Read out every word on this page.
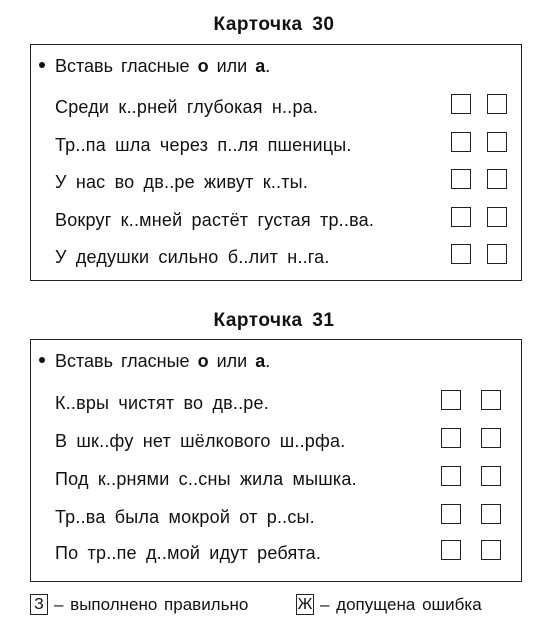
Карточка 30
Вставь гласные о или а.
Среди к..рней глубокая н..ра.
Тр..па шла через п..ля пшеницы.
У нас во дв..ре живут к..ты.
Вокруг к..мней растёт густая тр..ва.
У дедушки сильно б..лит н..га.
Карточка 31
Вставь гласные о или а.
К..вры чистят во дв..ре.
В шк..фу нет шёлкового ш..рфа.
Под к..рнями с..сны жила мышка.
Тр..ва была мокрой от р..сы.
По тр..пе д..мой идут ребята.
З – выполнено правильно	Ж – допущена ошибка
